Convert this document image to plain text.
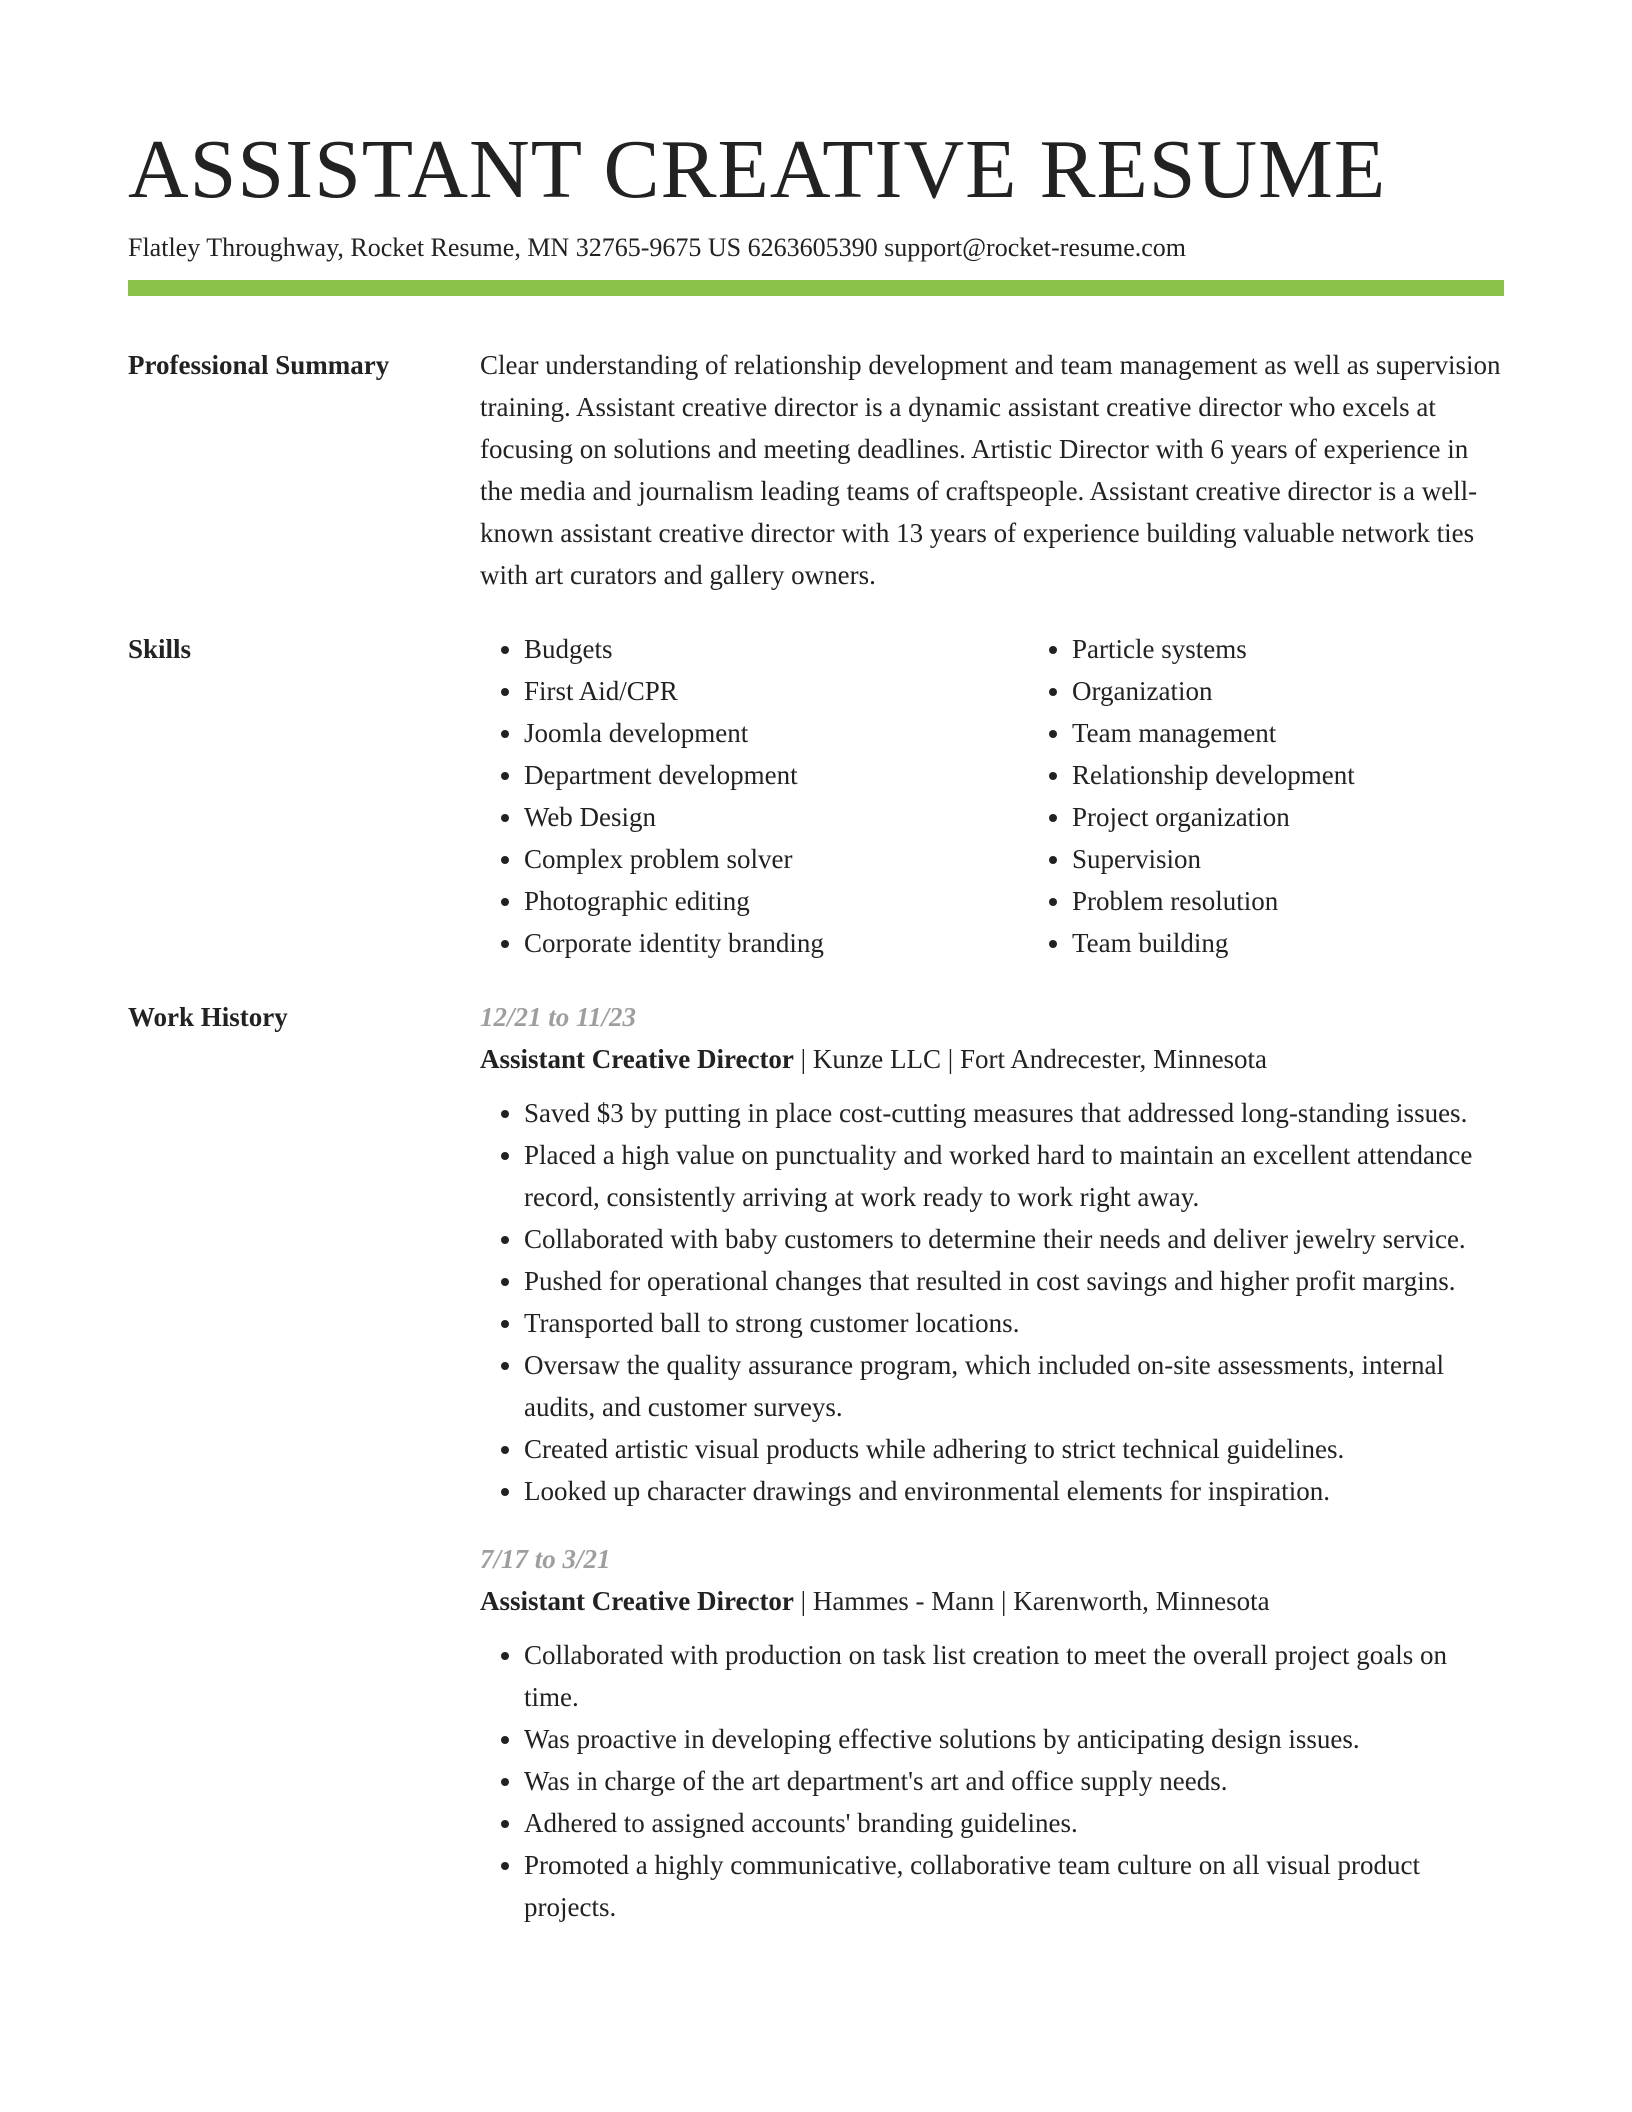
ASSISTANT CREATIVE RESUME
Flatley Throughway, Rocket Resume, MN 32765-9675 US 6263605390 support@rocket-resume.com
Professional Summary	Clear understanding of relationship development and team management as well as supervision training. Assistant creative director is a dynamic assistant creative director who excels at focusing on solutions and meeting deadlines. Artistic Director with 6 years of experience in the media and journalism leading teams of craftspeople. Assistant creative director is a well-known assistant creative director with 13 years of experience building valuable network ties with art curators and gallery owners.

Skills
•	Budgets
• First Aid/CPR
• Joomla development
• Department development
• Web Design
• Complex problem solver
• Photographic editing
• Corporate identity branding
• Particle systems
• Organization
• Team management
• Relationship development
• Project organization
• Supervision
• Problem resolution
• Team building
Work History	12/21 to 11/23
Assistant Creative Director | Kunze LLC | Fort Andrecester, Minnesota
• Saved $3 by putting in place cost-cutting measures that addressed long-standing issues.
• Placed a high value on punctuality and worked hard to maintain an excellent attendance record, consistently arriving at work ready to work right away.
• Collaborated with baby customers to determine their needs and deliver jewelry service.
• Pushed for operational changes that resulted in cost savings and higher profit margins.
• Transported ball to strong customer locations.
• Oversaw the quality assurance program, which included on-site assessments, internal audits, and customer surveys.
• Created artistic visual products while adhering to strict technical guidelines.
• Looked up character drawings and environmental elements for inspiration.
7/17 to 3/21
Assistant Creative Director | Hammes - Mann | Karenworth, Minnesota
• Collaborated with production on task list creation to meet the overall project goals on time.
• Was proactive in developing effective solutions by anticipating design issues.
• Was in charge of the art department's art and office supply needs.
• Adhered to assigned accounts' branding guidelines.
• Promoted a highly communicative, collaborative team culture on all visual product projects.
